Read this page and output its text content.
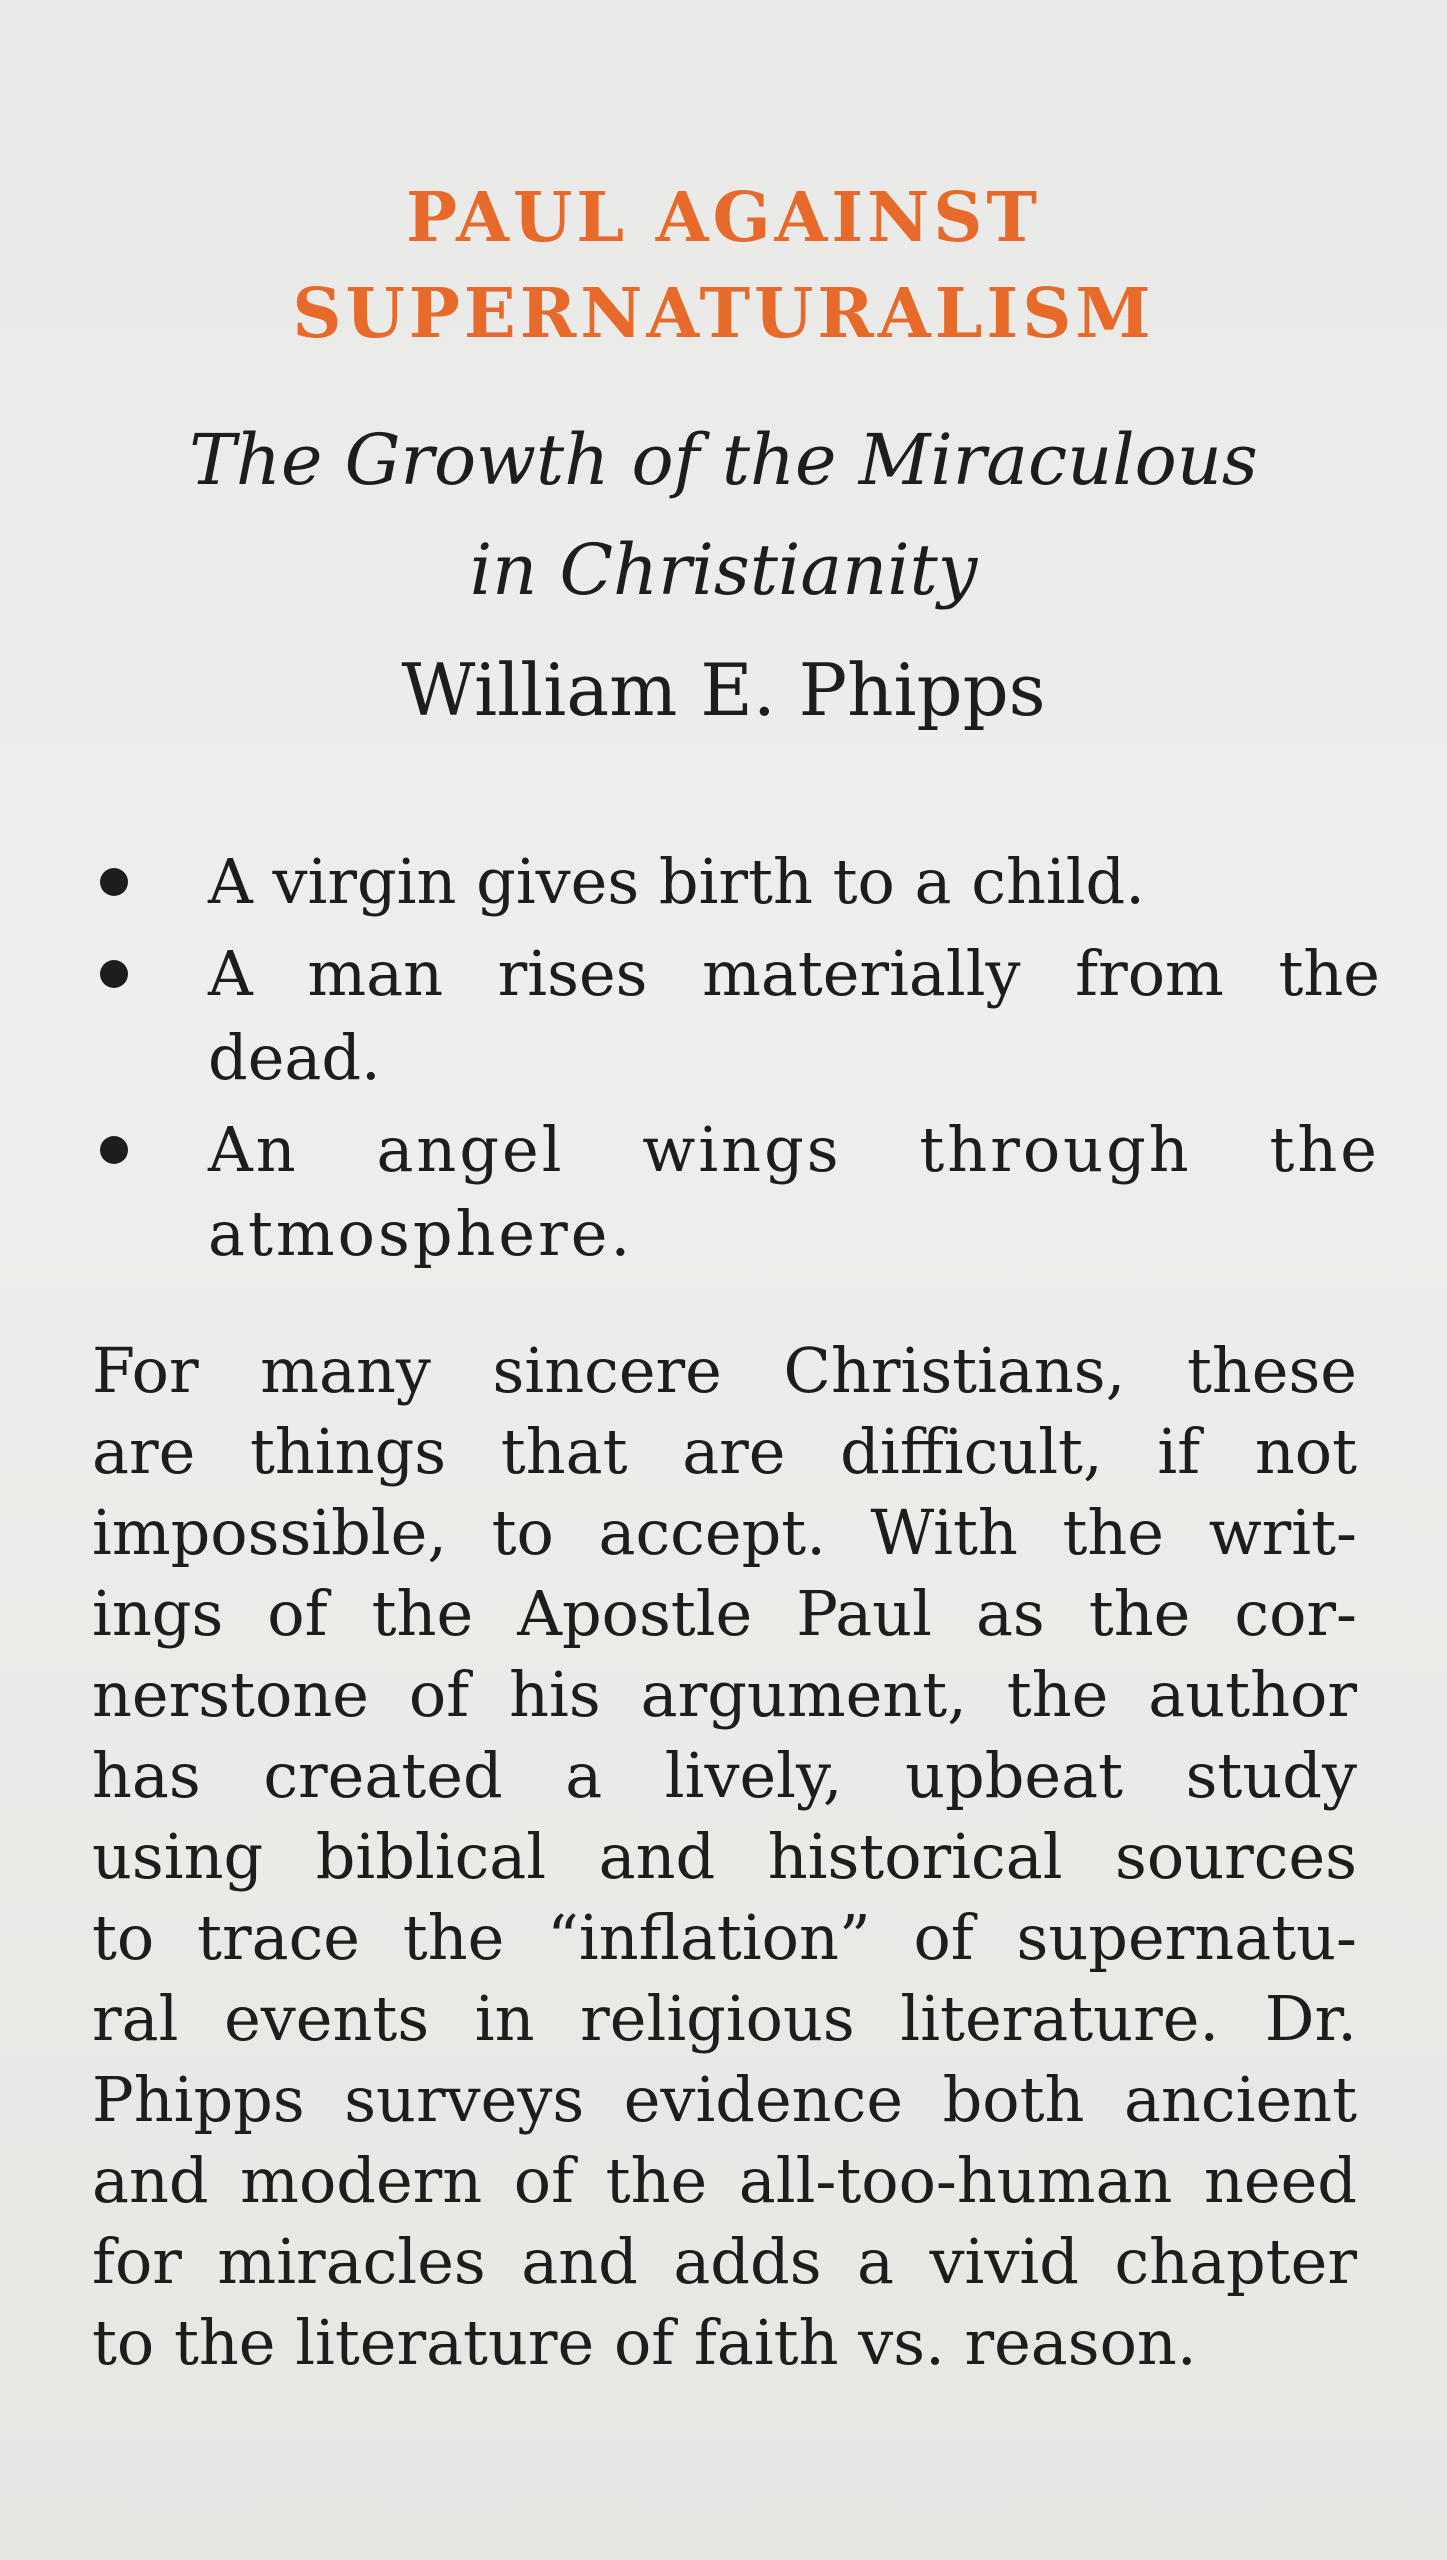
PAUL AGAINST
SUPERNATURALISM
The Growth of the Miraculous
in Christianity
William E. Phipps
A virgin gives birth to a child.
A man rises materially from the dead.
An angel wings through the atmosphere.
For many sincere Christians, these
are things that are difficult, if not
impossible, to accept. With the writ-
ings of the Apostle Paul as the cor-
nerstone of his argument, the author
has created a lively, upbeat study
using biblical and historical sources
to trace the “inflation” of supernatu-
ral events in religious literature. Dr.
Phipps surveys evidence both ancient
and modern of the all-too-human need
for miracles and adds a vivid chapter
to the literature of faith vs. reason.
